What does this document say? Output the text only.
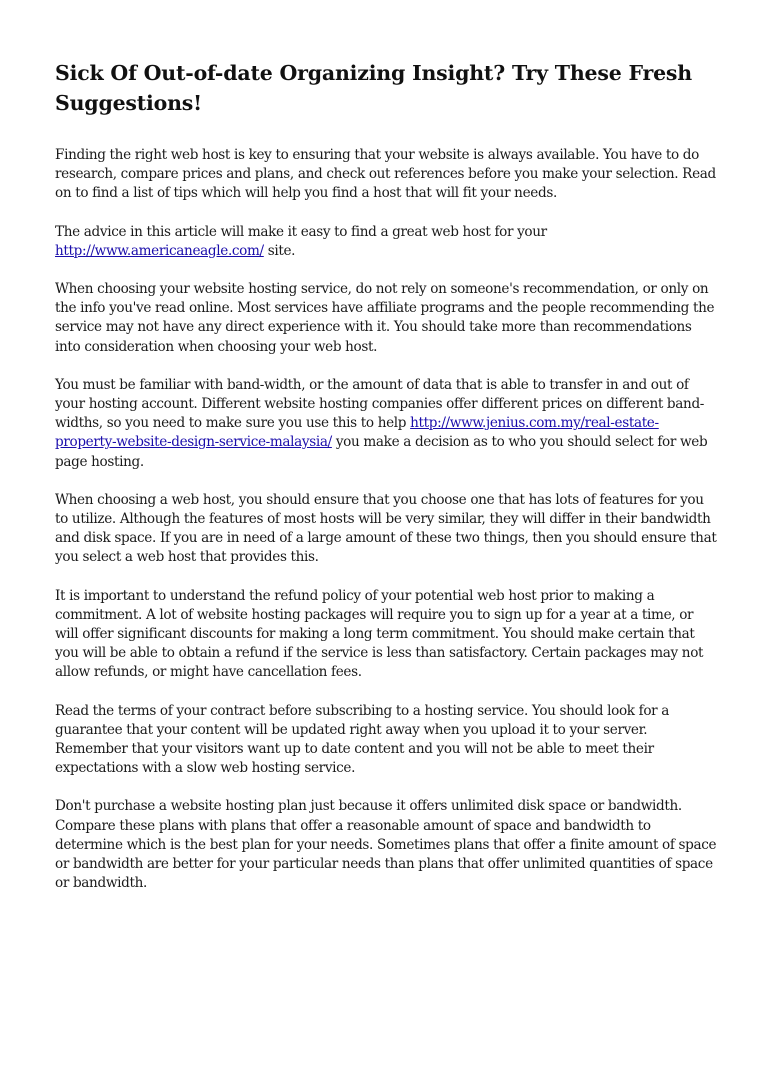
Sick Of Out-of-date Organizing Insight? Try These Fresh Suggestions!

Finding the right web host is key to ensuring that your website is always available. You have to do research, compare prices and plans, and check out references before you make your selection. Read on to find a list of tips which will help you find a host that will fit your needs.

The advice in this article will make it easy to find a great web host for your http://www.americaneagle.com/ site.

When choosing your website hosting service, do not rely on someone's recommendation, or only on the info you've read online. Most services have affiliate programs and the people recommending the service may not have any direct experience with it. You should take more than recommendations into consideration when choosing your web host.

You must be familiar with band-width, or the amount of data that is able to transfer in and out of your hosting account. Different website hosting companies offer different prices on different band-widths, so you need to make sure you use this to help http://www.jenius.com.my/real-estate-property-website-design-service-malaysia/ you make a decision as to who you should select for web page hosting.

When choosing a web host, you should ensure that you choose one that has lots of features for you to utilize. Although the features of most hosts will be very similar, they will differ in their bandwidth and disk space. If you are in need of a large amount of these two things, then you should ensure that you select a web host that provides this.

It is important to understand the refund policy of your potential web host prior to making a commitment. A lot of website hosting packages will require you to sign up for a year at a time, or will offer significant discounts for making a long term commitment. You should make certain that you will be able to obtain a refund if the service is less than satisfactory. Certain packages may not allow refunds, or might have cancellation fees.

Read the terms of your contract before subscribing to a hosting service. You should look for a guarantee that your content will be updated right away when you upload it to your server. Remember that your visitors want up to date content and you will not be able to meet their expectations with a slow web hosting service.

Don't purchase a website hosting plan just because it offers unlimited disk space or bandwidth. Compare these plans with plans that offer a reasonable amount of space and bandwidth to determine which is the best plan for your needs. Sometimes plans that offer a finite amount of space or bandwidth are better for your particular needs than plans that offer unlimited quantities of space or bandwidth.
